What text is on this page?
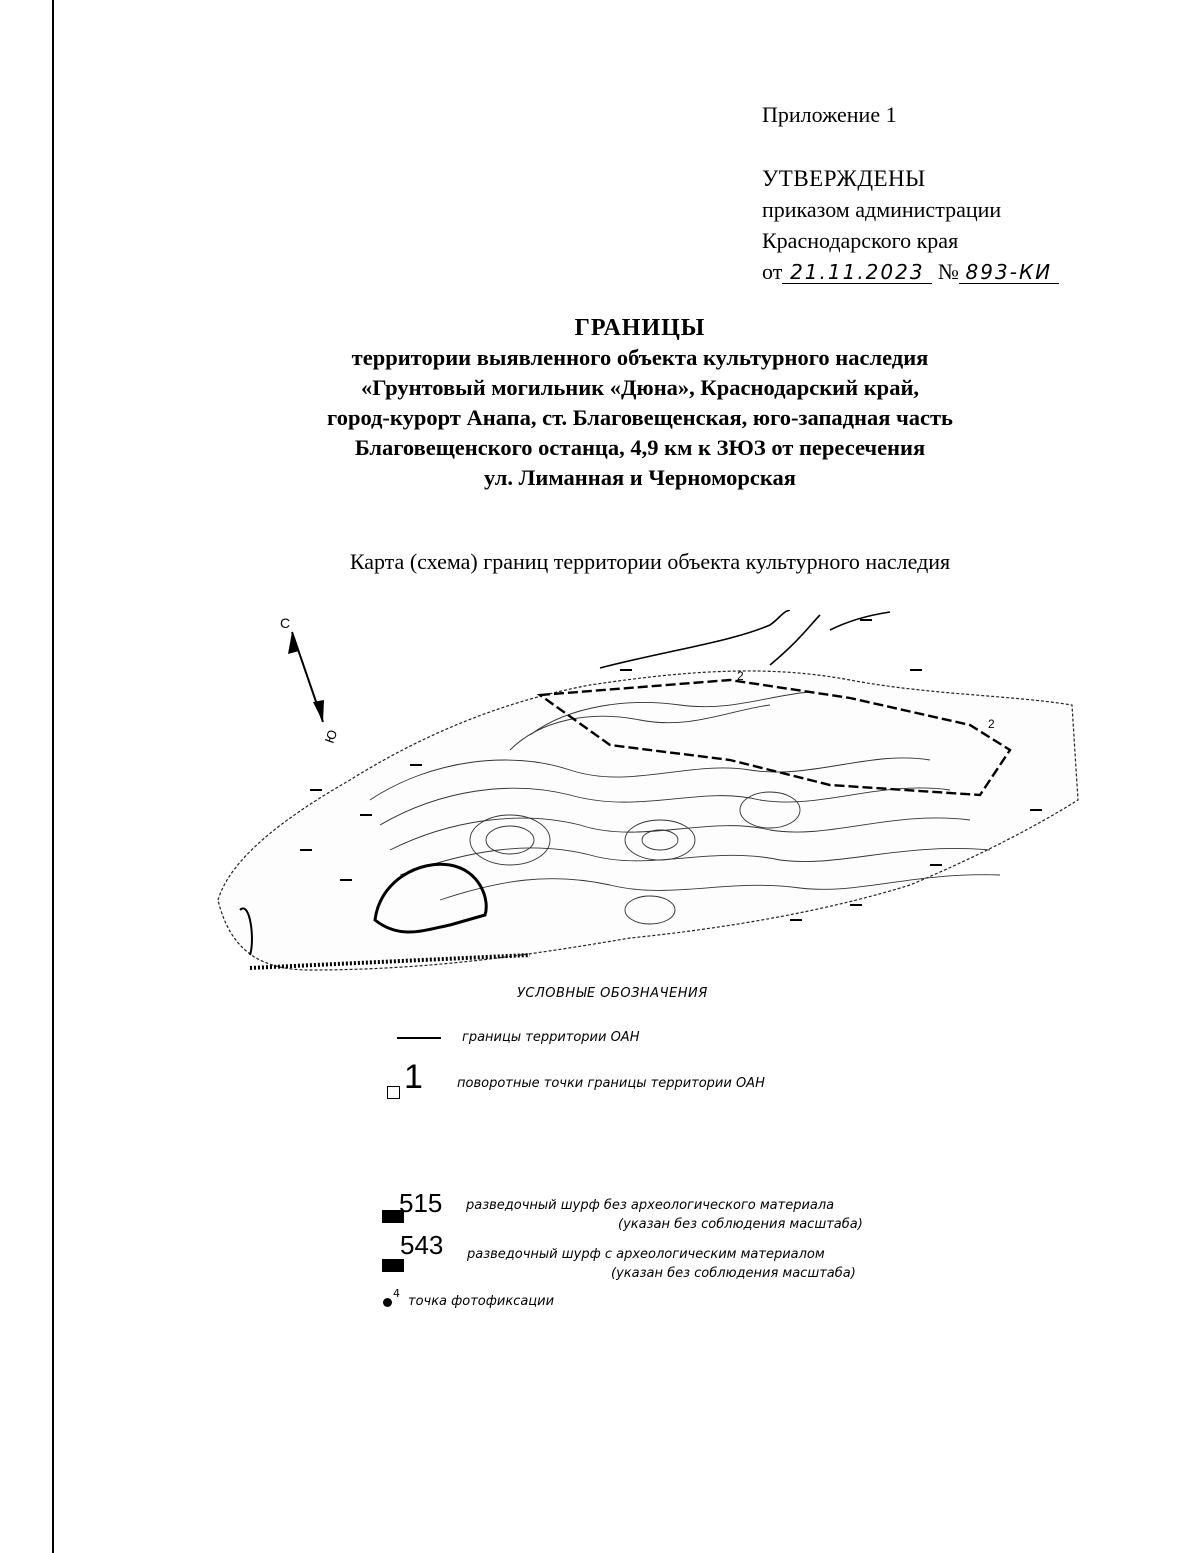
Приложение 1
УТВЕРЖДЕНЫ
приказом администрации
Краснодарского края
от 21.11.2023 № 893-КИ
ГРАНИЦЫ
территории выявленного объекта культурного наследия
«Грунтовый могильник «Дюна», Краснодарский край,
город-курорт Анапа, ст. Благовещенская, юго-западная часть
Благовещенского останца, 4,9 км к ЗЮЗ от пересечения
ул. Лиманная и Черноморская
Карта (схема) границ территории объекта культурного наследия
С
Ю
2
2
УСЛОВНЫЕ ОБОЗНАЧЕНИЯ
границы территории ОАН
1	поворотные точки границы территории ОАН
515 разведочный шурф без археологического материала
(указан без соблюдения масштаба)
543 разведочный шурф с археологическим материалом
(указан без соблюдения масштаба)
4
точка фотофиксации
